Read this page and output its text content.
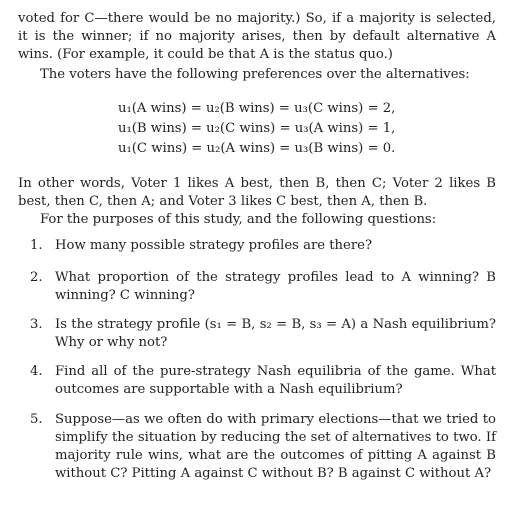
voted for C—there would be no majority.) So, if a majority is selected, it is the winner; if no majority arises, then by default alternative A wins. (For example, it could be that A is the status quo.)
The voters have the following preferences over the alternatives:
u₁(A wins) = u₂(B wins) = u₃(C wins) = 2,
u₁(B wins) = u₂(C wins) = u₃(A wins) = 1,
u₁(C wins) = u₂(A wins) = u₃(B wins) = 0.
In other words, Voter 1 likes A best, then B, then C; Voter 2 likes B best, then C, then A; and Voter 3 likes C best, then A, then B.
For the purposes of this study, and the following questions:
1. How many possible strategy profiles are there?
2. What proportion of the strategy profiles lead to A winning? B winning? C winning?
3. Is the strategy profile (s₁ = B, s₂ = B, s₃ = A) a Nash equilibrium? Why or why not?
4. Find all of the pure-strategy Nash equilibria of the game. What outcomes are supportable with a Nash equilibrium?
5. Suppose—as we often do with primary elections—that we tried to simplify the situation by reducing the set of alternatives to two. If majority rule wins, what are the outcomes of pitting A against B without C? Pitting A against C without B? B against C without A?
